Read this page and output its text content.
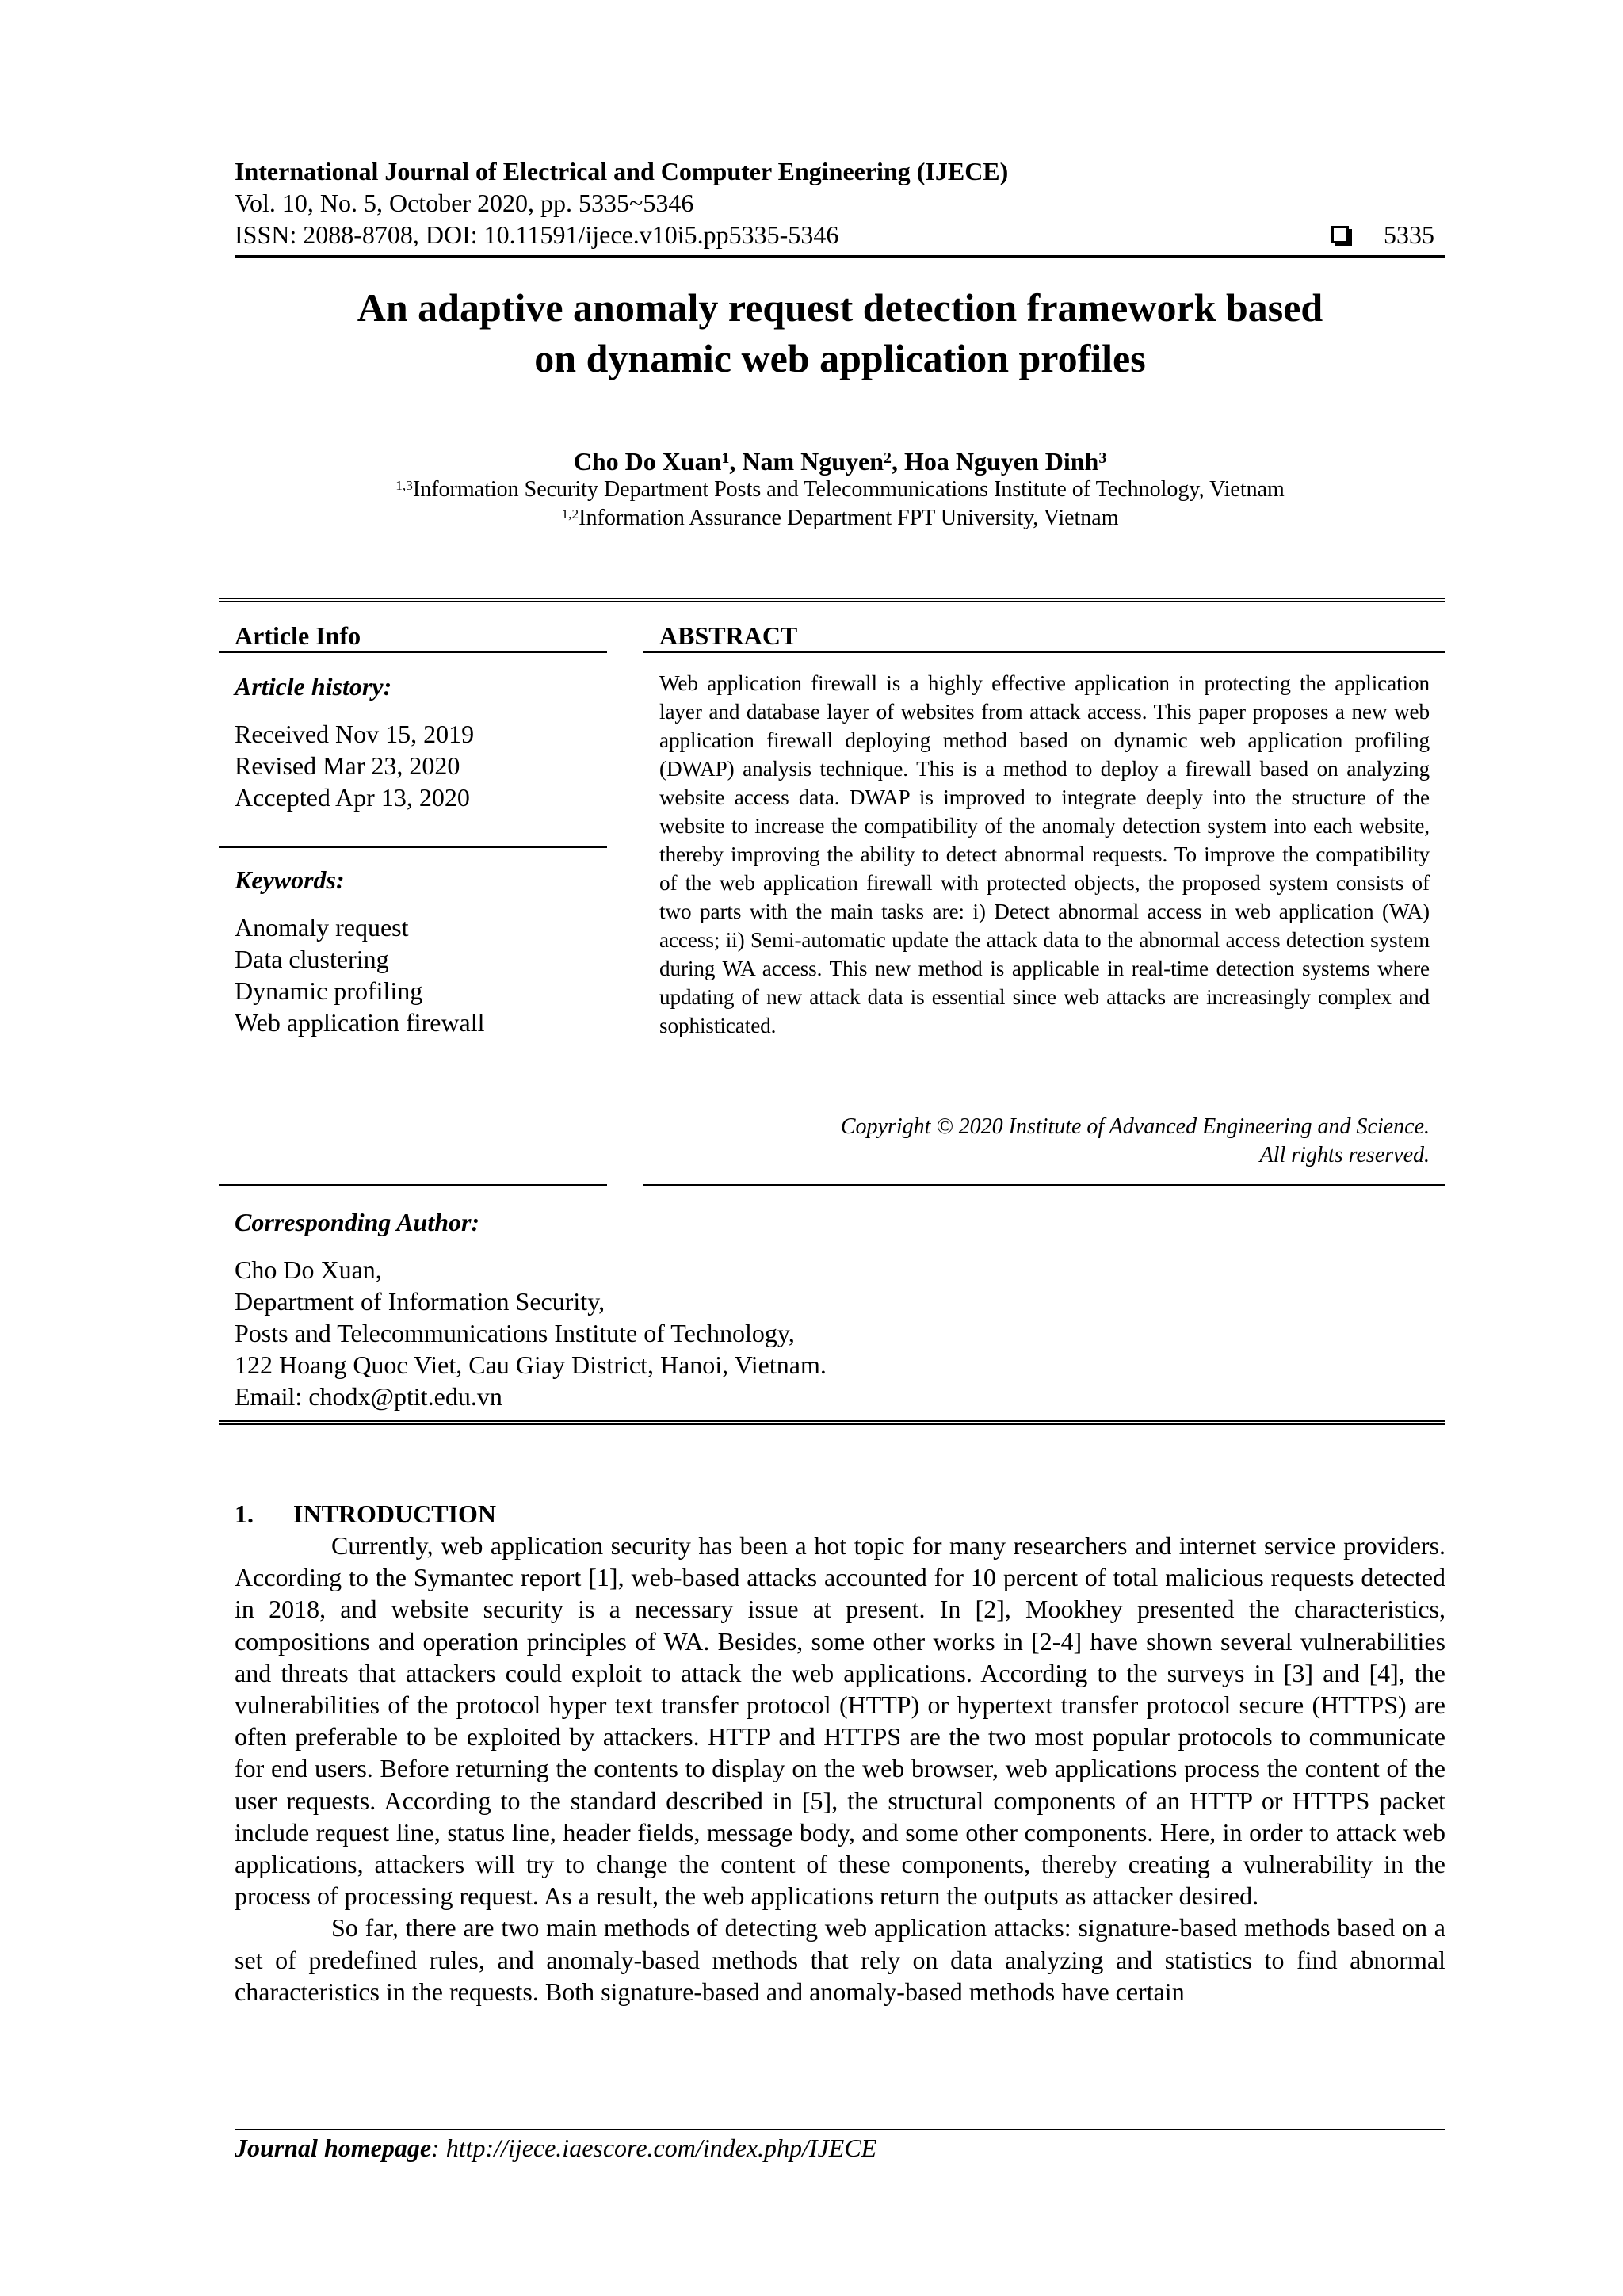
International Journal of Electrical and Computer Engineering (IJECE)
Vol. 10, No. 5, October 2020, pp. 5335~5346
ISSN: 2088-8708, DOI: 10.11591/ijece.v10i5.pp5335-5346	5335
An adaptive anomaly request detection framework based
on dynamic web application profiles
Cho Do Xuan$^1$, Nam Nguyen$^2$, Hoa Nguyen Dinh$^3$
$^{1,3}$Information Security Department Posts and Telecommunications Institute of Technology, Vietnam
$^{1,2}$Information Assurance Department FPT University, Vietnam
Article Info
Article history:
Received Nov 15, 2019
Revised Mar 23, 2020
Accepted Apr 13, 2020
Keywords:
Anomaly request
Data clustering
Dynamic profiling
Web application firewall
ABSTRACT
Web application firewall is a highly effective application in protecting the application layer and database layer of websites from attack access. This paper proposes a new web application firewall deploying method based on dynamic web application profiling (DWAP) analysis technique. This is a method to deploy a firewall based on analyzing website access data. DWAP is improved to integrate deeply into the structure of the website to increase the compatibility of the anomaly detection system into each website, thereby improving the ability to detect abnormal requests. To improve the compatibility of the web application firewall with protected objects, the proposed system consists of two parts with the main tasks are: i) Detect abnormal access in web application (WA) access; ii) Semi-automatic update the attack data to the abnormal access detection system during WA access. This new method is applicable in real-time detection systems where updating of new attack data is essential since web attacks are increasingly complex and sophisticated.
Copyright © 2020 Institute of Advanced Engineering and Science.
All rights reserved.
Corresponding Author:
Cho Do Xuan,
Department of Information Security,
Posts and Telecommunications Institute of Technology,
122 Hoang Quoc Viet, Cau Giay District, Hanoi, Vietnam.
Email: chodx@ptit.edu.vn
1. INTRODUCTION

Currently, web application security has been a hot topic for many researchers and internet service providers. According to the Symantec report [1], web-based attacks accounted for 10 percent of total malicious requests detected in 2018, and website security is a necessary issue at present. In [2], Mookhey presented the characteristics, compositions and operation principles of WA. Besides, some other works in [2-4] have shown several vulnerabilities and threats that attackers could exploit to attack the web applications. According to the surveys in [3] and [4], the vulnerabilities of the protocol hyper text transfer protocol (HTTP) or hypertext transfer protocol secure (HTTPS) are often preferable to be exploited by attackers. HTTP and HTTPS are the two most popular protocols to communicate for end users. Before returning the contents to display on the web browser, web applications process the content of the user requests. According to the standard described in [5], the structural components of an HTTP or HTTPS packet include request line, status line, header fields, message body, and some other components. Here, in order to attack web applications, attackers will try to change the content of these components, thereby creating a vulnerability in the process of processing request. As a result, the web applications return the outputs as attacker desired.

So far, there are two main methods of detecting web application attacks: signature-based methods based on a set of predefined rules, and anomaly-based methods that rely on data analyzing and statistics to find abnormal characteristics in the requests. Both signature-based and anomaly-based methods have certain

Journal homepage: http://ijece.iaescore.com/index.php/IJECE
